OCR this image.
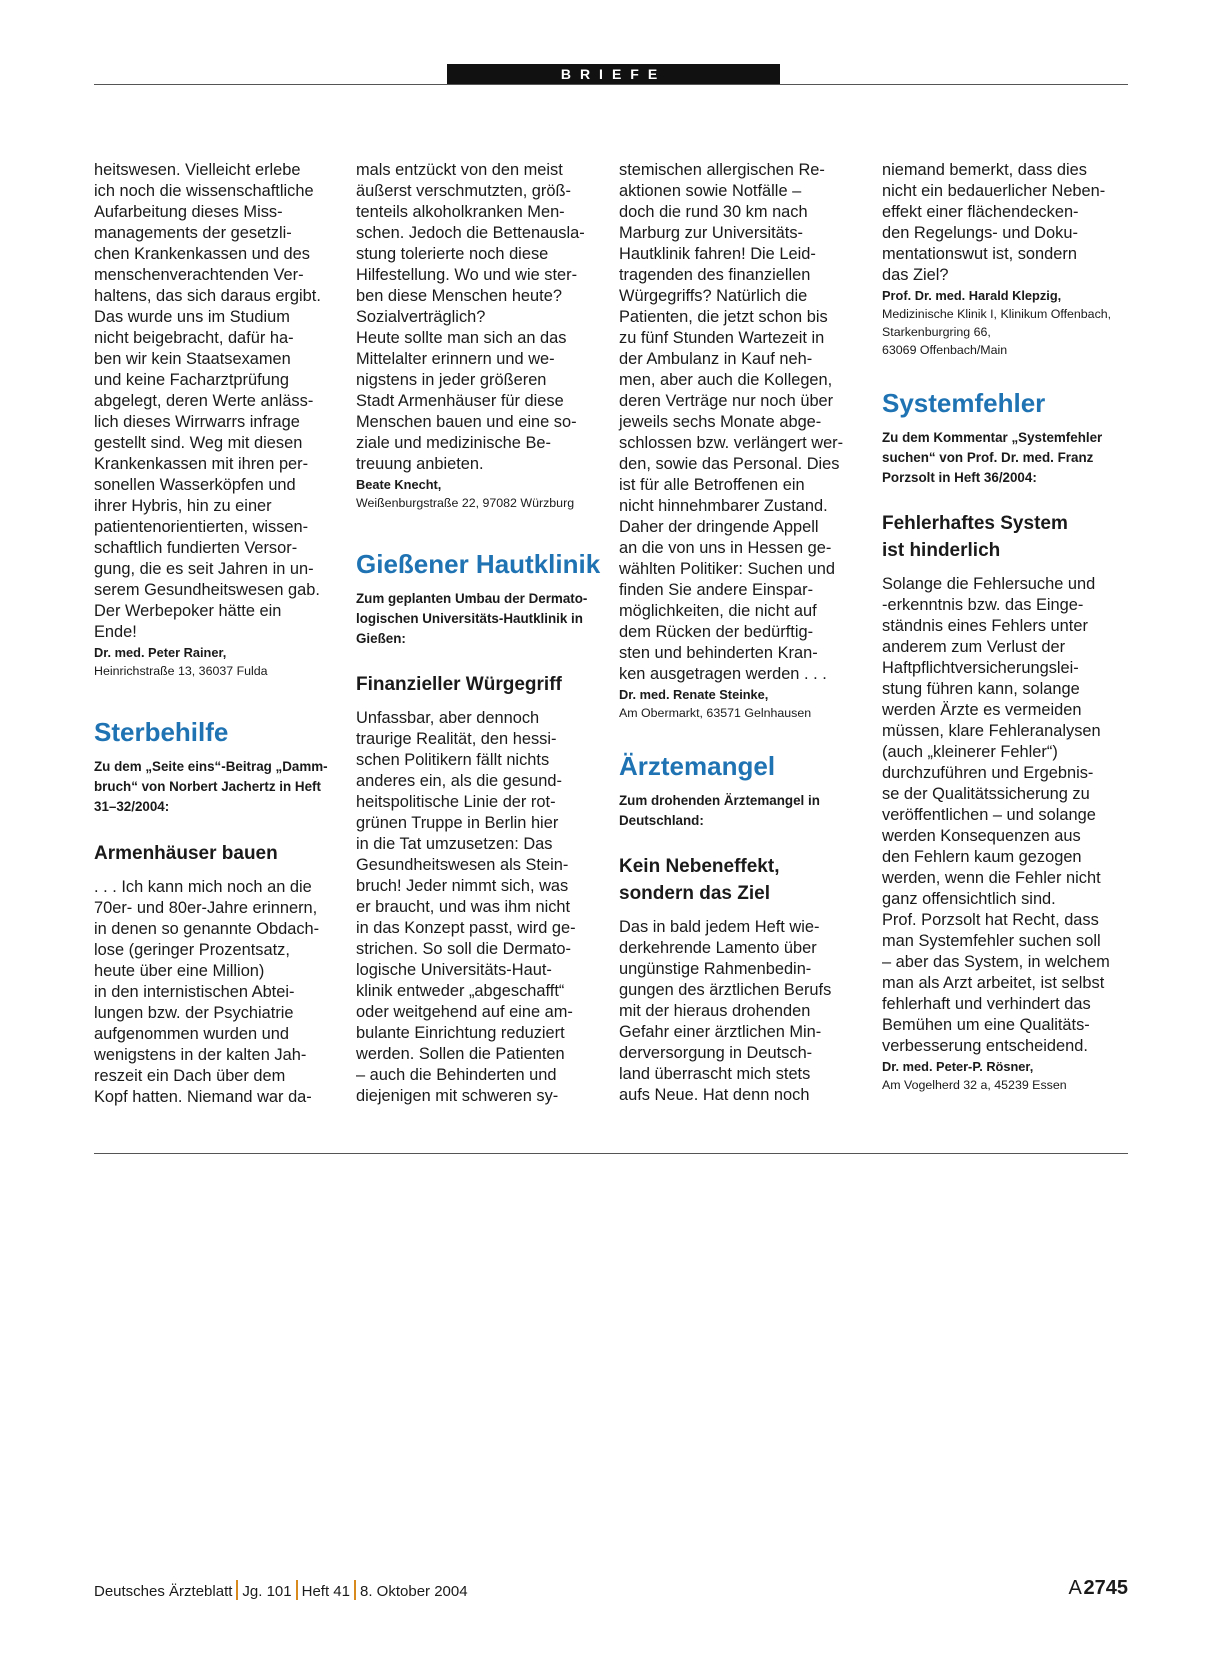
BRIEFE

heitswesen. Vielleicht erlebe
ich noch die wissenschaftliche
Aufarbeitung dieses Miss-
managements der gesetzli-
chen Krankenkassen und des
menschenverachtenden Ver-
haltens, das sich daraus ergibt.
Das wurde uns im Studium
nicht beigebracht, dafür ha-
ben wir kein Staatsexamen
und keine Facharztprüfung
abgelegt, deren Werte anläss-
lich dieses Wirrwarrs infrage
gestellt sind. Weg mit diesen
Krankenkassen mit ihren per-
sonellen Wasserköpfen und
ihrer Hybris, hin zu einer
patientenorientierten, wissen-
schaftlich fundierten Versor-
gung, die es seit Jahren in un-
serem Gesundheitswesen gab.
Der Werbepoker hätte ein
Ende!

Dr. med. Peter Rainer,
Heinrichstraße 13, 36037 Fulda
Sterbehilfe
Zu dem „Seite eins“-Beitrag „Damm-
bruch“ von Norbert Jachertz in Heft
31–32/2004:
Armenhäuser bauen

. . . Ich kann mich noch an die
70er- und 80er-Jahre erinnern,
in denen so genannte Obdach-
lose (geringer Prozentsatz,
heute über eine Million)
in den internistischen Abtei-
lungen bzw. der Psychiatrie
aufgenommen wurden und
wenigstens in der kalten Jah-
reszeit ein Dach über dem
Kopf hatten. Niemand war da-

mals entzückt von den meist
äußerst verschmutzten, größ-
tenteils alkoholkranken Men-
schen. Jedoch die Bettenausla-
stung tolerierte noch diese
Hilfestellung. Wo und wie ster-
ben diese Menschen heute?
Sozialverträglich?
Heute sollte man sich an das
Mittelalter erinnern und we-
nigstens in jeder größeren
Stadt Armenhäuser für diese
Menschen bauen und eine so-
ziale und medizinische Be-
treuung anbieten.

Beate Knecht,
Weißenburgstraße 22, 97082 Würzburg
Gießener Hautklinik
Zum geplanten Umbau der Dermato-
logischen Universitäts-Hautklinik in
Gießen:
Finanzieller Würgegriff

Unfassbar, aber dennoch
traurige Realität, den hessi-
schen Politikern fällt nichts
anderes ein, als die gesund-
heitspolitische Linie der rot-
grünen Truppe in Berlin hier
in die Tat umzusetzen: Das
Gesundheitswesen als Stein-
bruch! Jeder nimmt sich, was
er braucht, und was ihm nicht
in das Konzept passt, wird ge-
strichen. So soll die Dermato-
logische Universitäts-Haut-
klinik entweder „abgeschafft“
oder weitgehend auf eine am-
bulante Einrichtung reduziert
werden. Sollen die Patienten
– auch die Behinderten und
diejenigen mit schweren sy-

stemischen allergischen Re-
aktionen sowie Notfälle –
doch die rund 30 km nach
Marburg zur Universitäts-
Hautklinik fahren! Die Leid-
tragenden des finanziellen
Würgegriffs? Natürlich die
Patienten, die jetzt schon bis
zu fünf Stunden Wartezeit in
der Ambulanz in Kauf neh-
men, aber auch die Kollegen,
deren Verträge nur noch über
jeweils sechs Monate abge-
schlossen bzw. verlängert wer-
den, sowie das Personal. Dies
ist für alle Betroffenen ein
nicht hinnehmbarer Zustand.
Daher der dringende Appell
an die von uns in Hessen ge-
wählten Politiker: Suchen und
finden Sie andere Einspar-
möglichkeiten, die nicht auf
dem Rücken der bedürftig-
sten und behinderten Kran-
ken ausgetragen werden . . .

Dr. med. Renate Steinke,
Am Obermarkt, 63571 Gelnhausen
Ärztemangel
Zum drohenden Ärztemangel in
Deutschland:
Kein Nebeneffekt,
sondern das Ziel

Das in bald jedem Heft wie-
derkehrende Lamento über
ungünstige Rahmenbedin-
gungen des ärztlichen Berufs
mit der hieraus drohenden
Gefahr einer ärztlichen Min-
derversorgung in Deutsch-
land überrascht mich stets
aufs Neue. Hat denn noch

niemand bemerkt, dass dies
nicht ein bedauerlicher Neben-
effekt einer flächendecken-
den Regelungs- und Doku-
mentationswut ist, sondern
das Ziel?

Prof. Dr. med. Harald Klepzig,
Medizinische Klinik I, Klinikum Offenbach,
Starkenburgring 66,
63069 Offenbach/Main
Systemfehler
Zu dem Kommentar „Systemfehler
suchen“ von Prof. Dr. med. Franz
Porzsolt in Heft 36/2004:
Fehlerhaftes System
ist hinderlich

Solange die Fehlersuche und
-erkenntnis bzw. das Einge-
ständnis eines Fehlers unter
anderem zum Verlust der
Haftpflichtversicherungslei-
stung führen kann, solange
werden Ärzte es vermeiden
müssen, klare Fehleranalysen
(auch „kleinerer Fehler“)
durchzuführen und Ergebnis-
se der Qualitätssicherung zu
veröffentlichen – und solange
werden Konsequenzen aus
den Fehlern kaum gezogen
werden, wenn die Fehler nicht
ganz offensichtlich sind.
Prof. Porzsolt hat Recht, dass
man Systemfehler suchen soll
– aber das System, in welchem
man als Arzt arbeitet, ist selbst
fehlerhaft und verhindert das
Bemühen um eine Qualitäts-
verbesserung entscheidend.

Dr. med. Peter-P. Rösner,
Am Vogelherd 32 a, 45239 Essen
Deutsches Ärzteblatt Jg. 101 Heft 41 8. Oktober 2004	A 2745
